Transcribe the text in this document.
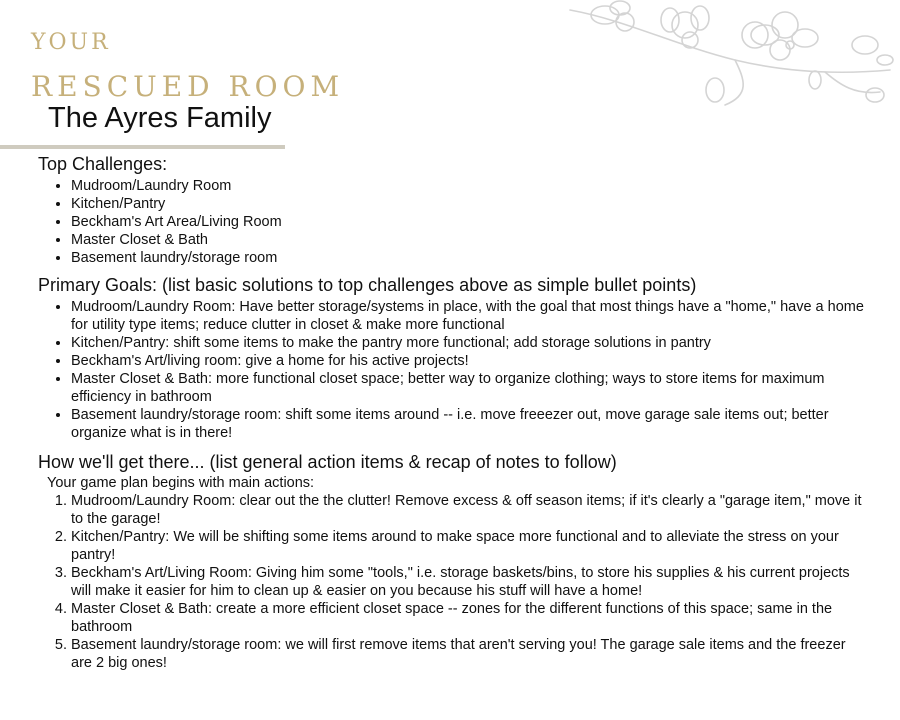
YOUR
RESCUED ROOM
The Ayres Family
Top Challenges:
• Mudroom/Laundry Room
• Kitchen/Pantry
• Beckham's Art Area/Living Room
• Master Closet & Bath
• Basement laundry/storage room
Primary Goals: (list basic solutions to top challenges above as simple bullet points)
• Mudroom/Laundry Room: Have better storage/systems in place, with the goal that most things have a "home," have a home for utility type items; reduce clutter in closet & make more functional
• Kitchen/Pantry: shift some items to make the pantry more functional; add storage solutions in pantry
• Beckham's Art/living room: give a home for his active projects!
• Master Closet & Bath: more functional closet space; better way to organize clothing; ways to store items for maximum efficiency in bathroom
• Basement laundry/storage room: shift some items around -- i.e. move freeezer out, move garage sale items out; better organize what is in there!
How we'll get there... (list general action items & recap of notes to follow)
Your game plan begins with main actions:
1. Mudroom/Laundry Room: clear out the the clutter! Remove excess & off season items; if it's clearly a "garage item," move it to the garage!
2. Kitchen/Pantry: We will be shifting some items around to make space more functional and to alleviate the stress on your pantry!
3. Beckham's Art/Living Room: Giving him some "tools," i.e. storage baskets/bins, to store his supplies & his current projects will make it easier for him to clean up & easier on you because his stuff will have a home!
4. Master Closet & Bath: create a more efficient closet space -- zones for the different functions of this space; same in the bathroom
5. Basement laundry/storage room: we will first remove items that aren't serving you! The garage sale items and the freezer are 2 big ones!
